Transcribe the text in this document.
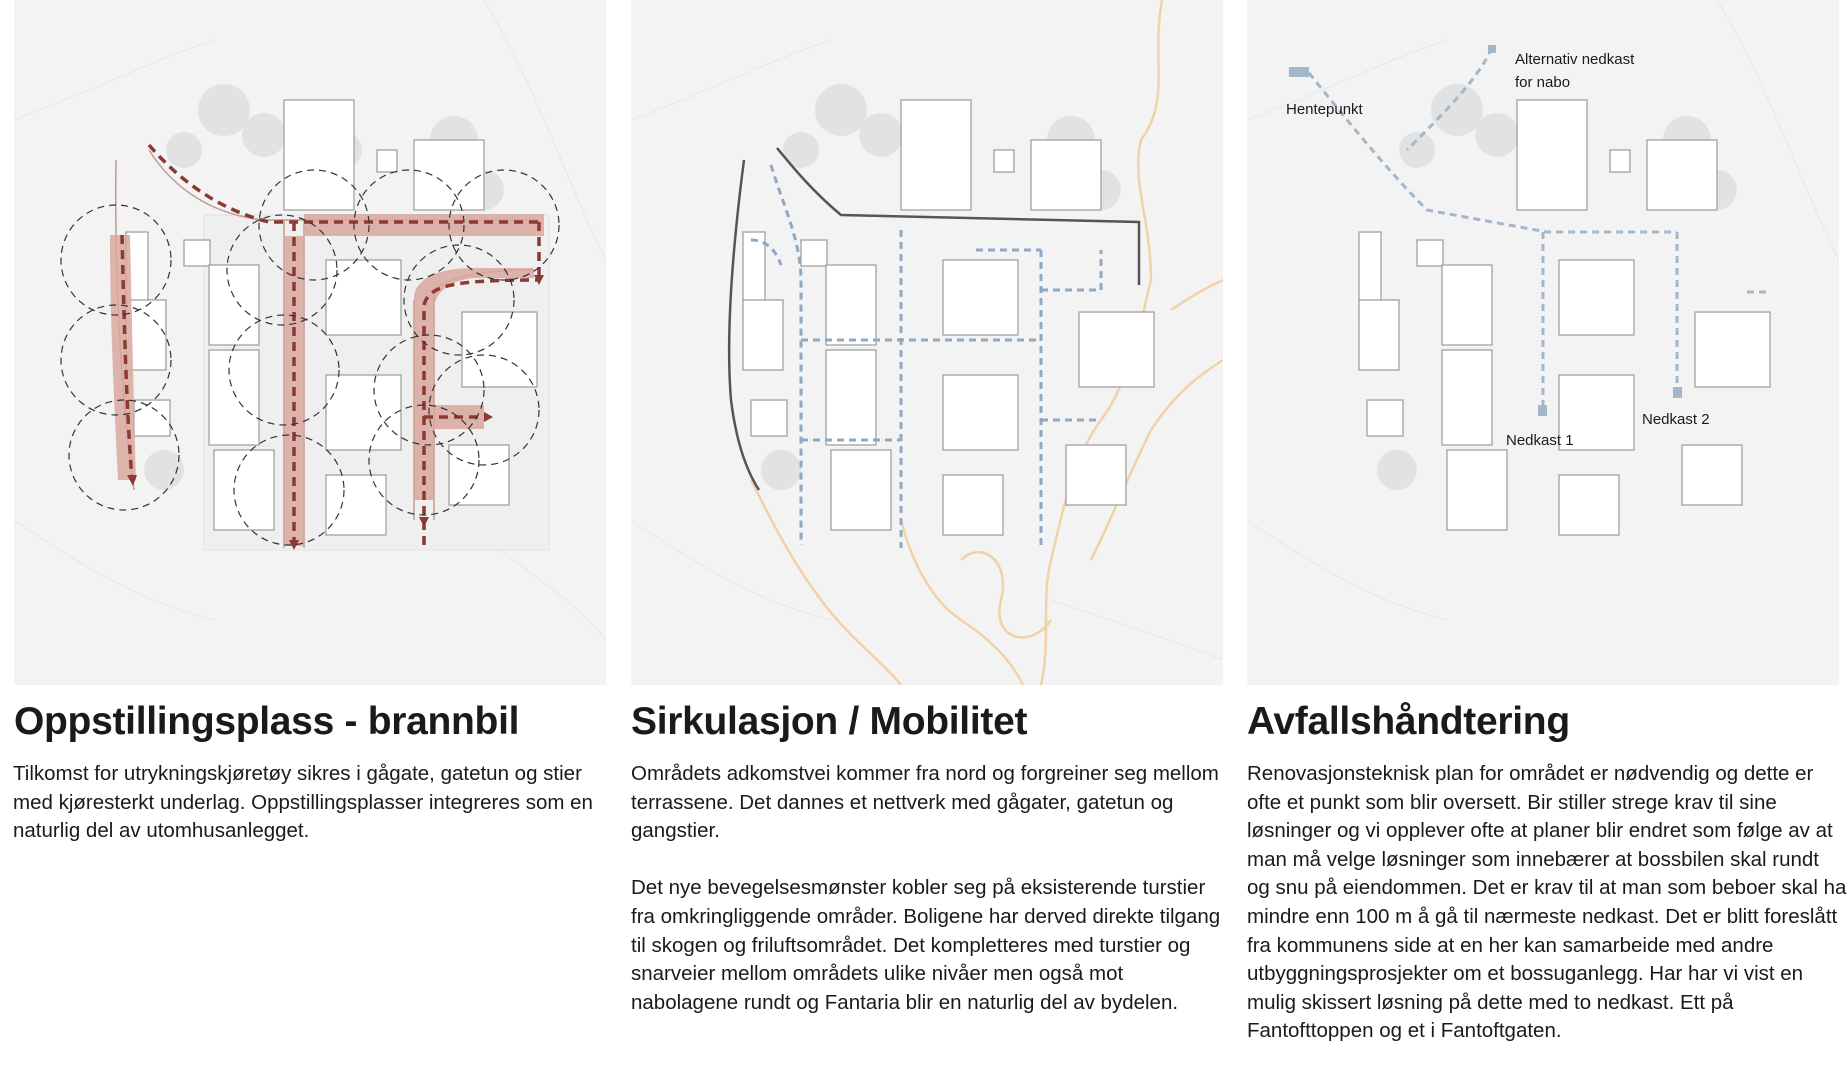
Oppstillingsplass - brannbil

Tilkomst for utrykningskjøretøy sikres i gågate, gatetun og stier med kjøresterkt underlag. Oppstillingsplasser integreres som en naturlig del av utomhusanlegget.

Sirkulasjon / Mobilitet

Områdets adkomstvei kommer fra nord og forgreiner seg mellom terrassene. Det dannes et nettverk med gågater, gatetun og gangstier.
Det nye bevegelsesmønster kobler seg på eksisterende turstier fra omkringliggende områder. Boligene har derved direkte tilgang til skogen og friluftsområdet. Det kompletteres med turstier og snarveier mellom områdets ulike nivåer men også mot nabolagene rundt og Fantaria blir en naturlig del av bydelen.

Alternativ nedkast
for nabo
Hentepunkt
Nedkast 1
Nedkast 2
Avfallshåndtering

Renovasjonsteknisk plan for området er nødvendig og dette er ofte et punkt som blir oversett. Bir stiller strege krav til sine løsninger og vi opplever ofte at planer blir endret som følge av at man må velge løsninger som innebærer at bossbilen skal rundt og snu på eiendommen. Det er krav til at man som beboer skal ha mindre enn 100 m å gå til nærmeste nedkast. Det er blitt foreslått fra kommunens side at en her kan samarbeide med andre utbyggningsprosjekter om et bossuganlegg. Har har vi vist en mulig skissert løsning på dette med to nedkast. Ett på Fantofttoppen og et i Fantoftgaten.
